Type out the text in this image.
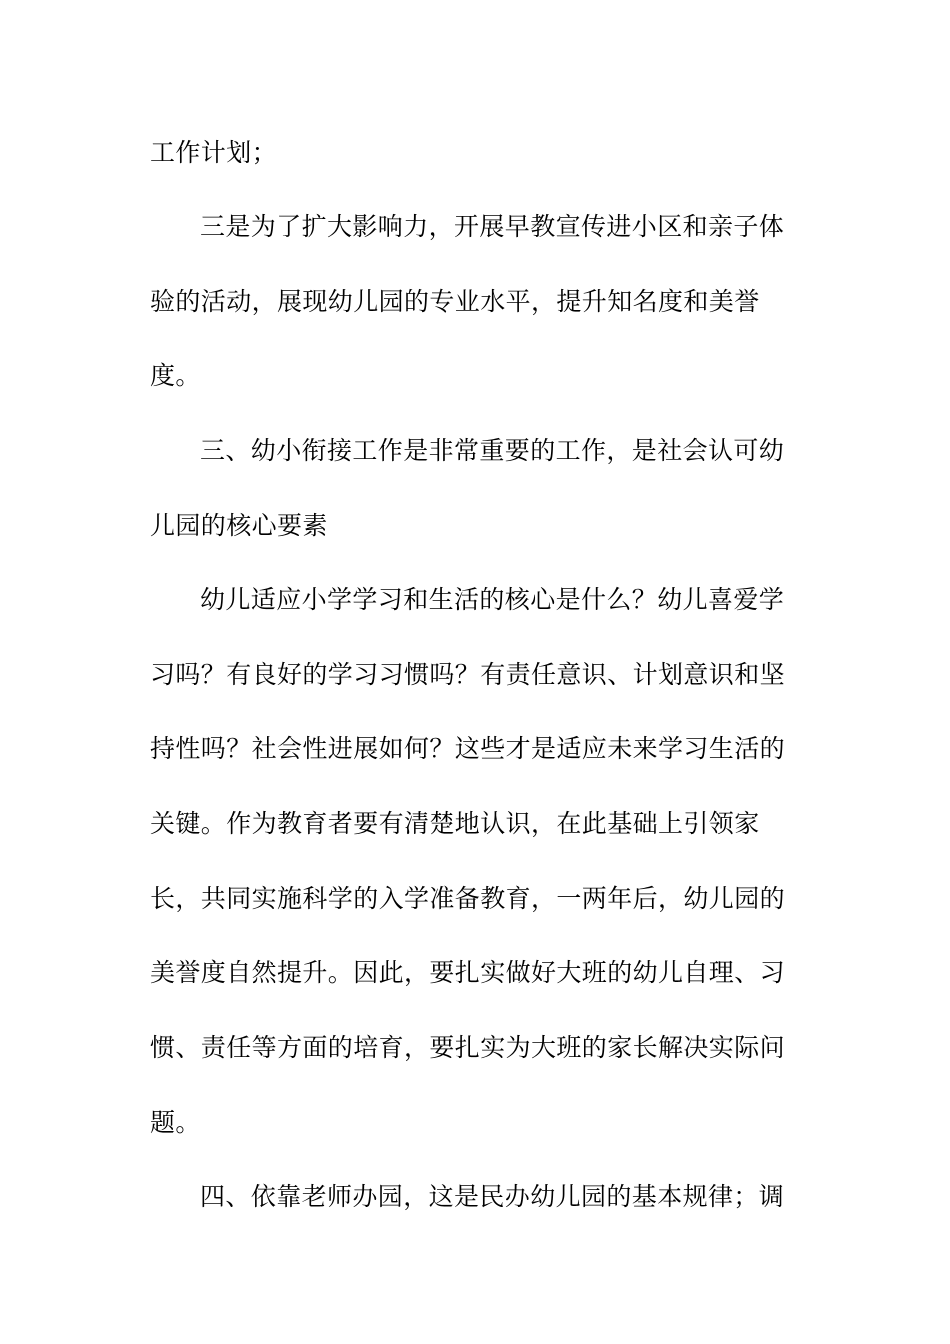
工作计划；
三是为了扩大影响力，开展早教宣传进小区和亲子体
验的活动，展现幼儿园的专业水平，提升知名度和美誉
度。
三、幼小衔接工作是非常重要的工作，是社会认可幼
儿园的核心要素
幼儿适应小学学习和生活的核心是什么？幼儿喜爱学
习吗？有良好的学习习惯吗？有责任意识、计划意识和坚
持性吗？社会性进展如何？这些才是适应未来学习生活的
关键。作为教育者要有清楚地认识，在此基础上引领家
长，共同实施科学的入学准备教育，一两年后，幼儿园的
美誉度自然提升。因此，要扎实做好大班的幼儿自理、习
惯、责任等方面的培育，要扎实为大班的家长解决实际问
题。
四、依靠老师办园，这是民办幼儿园的基本规律；调
